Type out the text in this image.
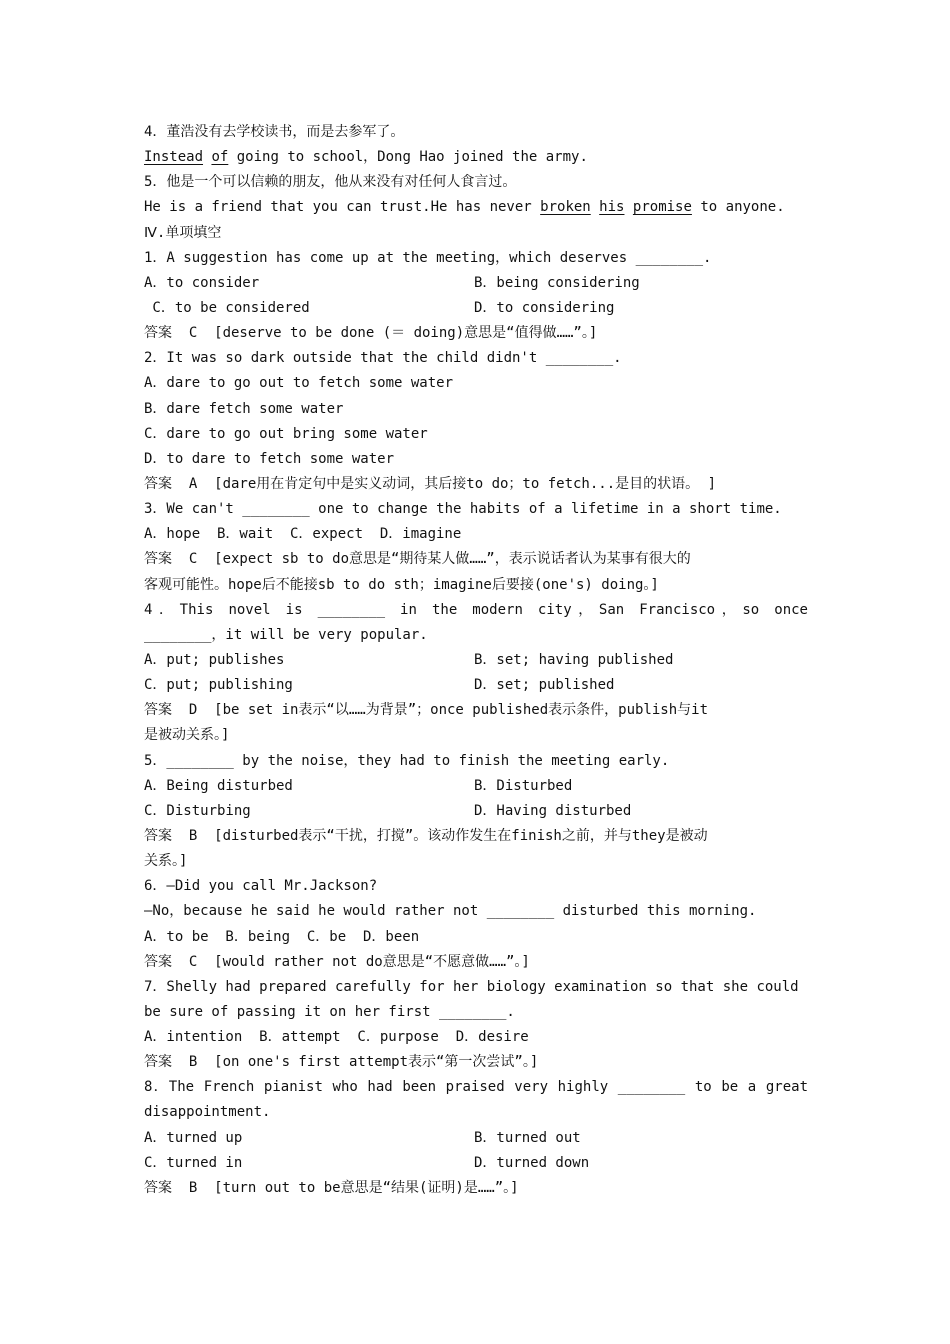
4．董浩没有去学校读书，而是去参军了。
Instead of going to school，Dong Hao joined the army.
5．他是一个可以信赖的朋友，他从来没有对任何人食言过。
He is a friend that you can trust.He has never broken his promise to anyone.
Ⅳ.单项填空
1．A suggestion has come up at the meeting，which deserves ________.
A．to consider	B．being considering
C．to be considered	D．to considering
答案  C  [deserve to be done (＝ doing)意思是“值得做……”。]
2．It was so dark outside that the child didn't ________.
A．dare to go out to fetch some water
B．dare fetch some water
C．dare to go out bring some water
D．to dare to fetch some water
答案  A  [dare用在肯定句中是实义动词，其后接to do；to fetch...是目的状语。 ]
3．We can't ________ one to change the habits of a lifetime in a short time.
A．hope  B．wait  C．expect  D．imagine
答案  C  [expect sb to do意思是“期待某人做……”，表示说话者认为某事有很大的
客观可能性。hope后不能接sb to do sth；imagine后要接(one's) doing。]
4．This novel is ________ in the modern city，San Francisco，so once
________，it will be very popular.
A．put; publishes	B．set; having published
C．put; publishing	D．set; published
答案  D  [be set in表示“以……为背景”；once published表示条件，publish与it
是被动关系。]
5．________ by the noise，they had to finish the meeting early.
A．Being disturbed	B．Disturbed
C．Disturbing	D．Having disturbed
答案  B  [disturbed表示“干扰，打搅”。该动作发生在finish之前，并与they是被动
关系。]
6．—Did you call Mr.Jackson?
—No，because he said he would rather not ________ disturbed this morning.
A．to be  B．being  C．be  D．been
答案  C  [would rather not do意思是“不愿意做……”。]
7．Shelly had prepared carefully for her biology examination so that she could
be sure of passing it on her first ________.
A．intention  B．attempt  C．purpose  D．desire
答案  B  [on one's first attempt表示“第一次尝试”。]
8．The French pianist who had been praised very highly ________ to be a great
disappointment.
A．turned up	B．turned out
C．turned in	D．turned down
答案  B  [turn out to be意思是“结果(证明)是……”。]
